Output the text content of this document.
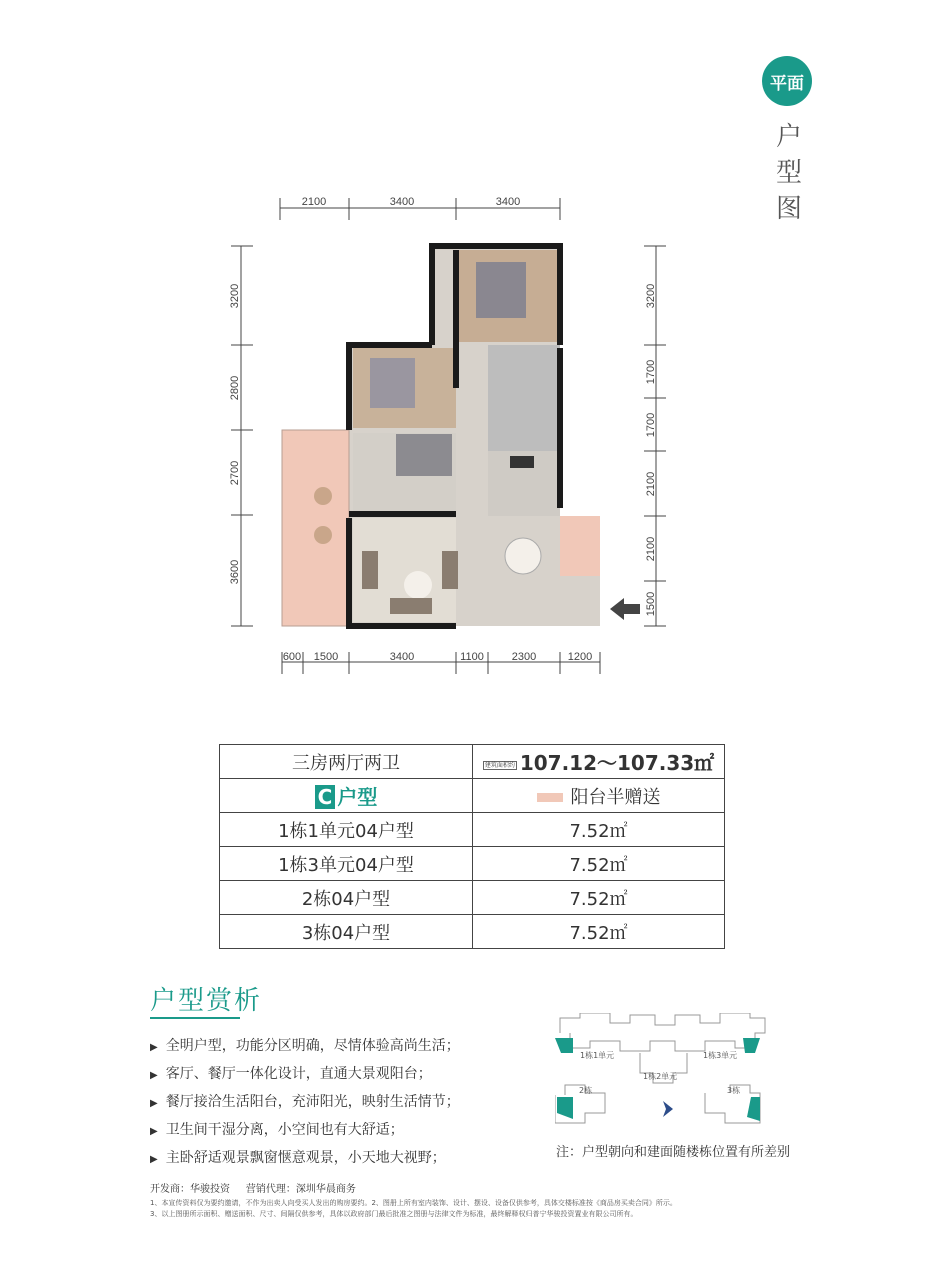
平面
户
型
图
2100	3400	3400
600 1500	3400	1100	2300	1200
3200
2800
2700
3600
3200
1700
1700
2100
2100
1500
三房两厅两卫	建筑面积约 107.12～107.33㎡
C 户型	阳台半赠送
1栋1单元04户型	7.52㎡
1栋3单元04户型	7.52㎡
2栋04户型	7.52㎡
3栋04户型	7.52㎡
户型赏析
▶ 全明户型，功能分区明确，尽情体验高尚生活；
▶ 客厅、餐厅一体化设计，直通大景观阳台；
▶ 餐厅接洽生活阳台，充沛阳光，映射生活情节；
▶ 卫生间干湿分离，小空间也有大舒适；
▶ 主卧舒适观景飘窗惬意观景，小天地大视野；
1栋1单元
1栋2单元
1栋3单元
2栋	3栋
注：户型朝向和建面随楼栋位置有所差别
开发商：华骏投资 营销代理：深圳华晨商务
1、本宣传资料仅为要约邀请，不作为出卖人向受买人发出的购房要约。2、图册上所有室内装饰、设计、摆设、设备仅供参考，具体交楼标准按《商品房买卖合同》所示。
3、以上图册所示面积、赠送面积、尺寸、间隔仅供参考，具体以政府部门最后批准之图册与法律文件为标准，最终解释权归普宁华骏投资置业有限公司所有。
